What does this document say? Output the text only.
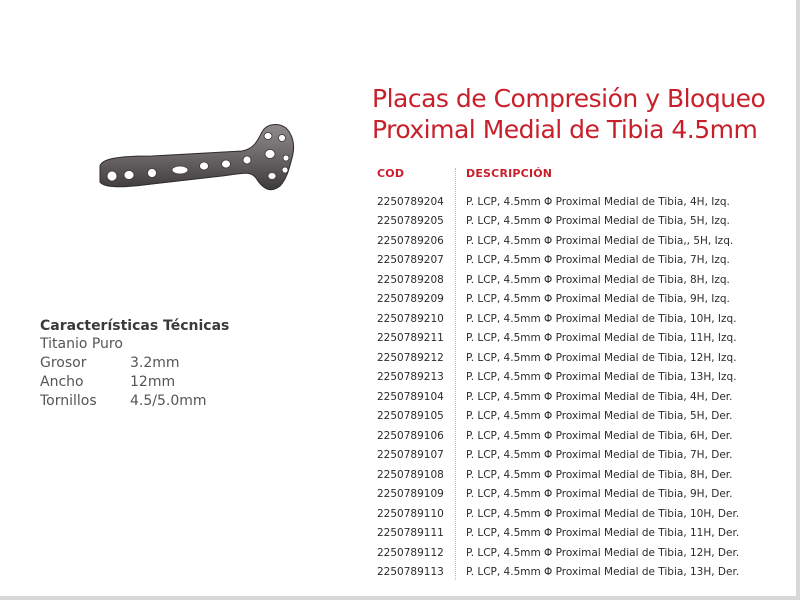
Placas de Compresión y Bloqueo
Proximal Medial de Tibia 4.5mm
COD	DESCRIPCIÓN
2250789204	P. LCP, 4.5mm Φ Proximal Medial de Tibia, 4H, Izq.
2250789205	P. LCP, 4.5mm Φ Proximal Medial de Tibia, 5H, Izq.
2250789206	P. LCP, 4.5mm Φ Proximal Medial de Tibia,, 5H, Izq.
2250789207	P. LCP, 4.5mm Φ Proximal Medial de Tibia, 7H, Izq.
2250789208	P. LCP, 4.5mm Φ Proximal Medial de Tibia, 8H, Izq.
2250789209	P. LCP, 4.5mm Φ Proximal Medial de Tibia, 9H, Izq.
2250789210	P. LCP, 4.5mm Φ Proximal Medial de Tibia, 10H, Izq.
2250789211	P. LCP, 4.5mm Φ Proximal Medial de Tibia, 11H, Izq.
2250789212	P. LCP, 4.5mm Φ Proximal Medial de Tibia, 12H, Izq.
2250789213	P. LCP, 4.5mm Φ Proximal Medial de Tibia, 13H, Izq.
2250789104	P. LCP, 4.5mm Φ Proximal Medial de Tibia, 4H, Der.
2250789105	P. LCP, 4.5mm Φ Proximal Medial de Tibia, 5H, Der.
2250789106	P. LCP, 4.5mm Φ Proximal Medial de Tibia, 6H, Der.
2250789107	P. LCP, 4.5mm Φ Proximal Medial de Tibia, 7H, Der.
2250789108	P. LCP, 4.5mm Φ Proximal Medial de Tibia, 8H, Der.
2250789109	P. LCP, 4.5mm Φ Proximal Medial de Tibia, 9H, Der.
2250789110	P. LCP, 4.5mm Φ Proximal Medial de Tibia, 10H, Der.
2250789111	P. LCP, 4.5mm Φ Proximal Medial de Tibia, 11H, Der.
2250789112	P. LCP, 4.5mm Φ Proximal Medial de Tibia, 12H, Der.
2250789113	P. LCP, 4.5mm Φ Proximal Medial de Tibia, 13H, Der.
Características Técnicas
Titanio Puro
Grosor	3.2mm
Ancho	12mm
Tornillos	4.5/5.0mm
